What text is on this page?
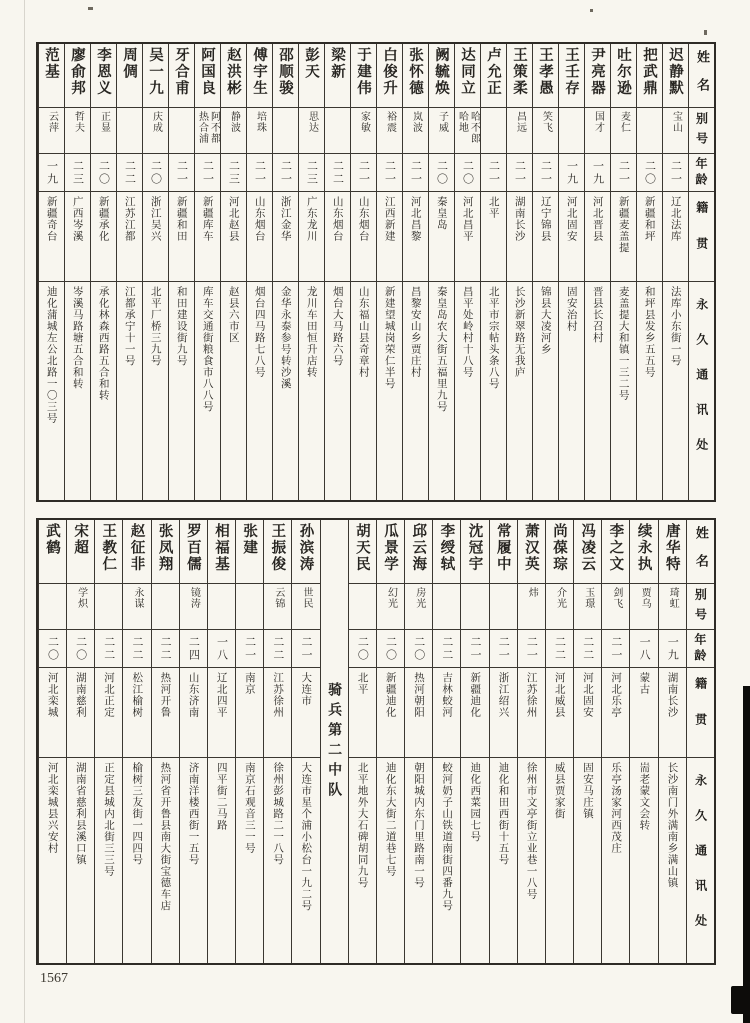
姓名
别号
年龄
籍贯
永久通讯处
迟静默
宝山
二一
辽北法库
法库小东街一号
把武鼎
二〇
新疆和坪
和坪县发乡五五号
吐尔逊
麦仁
二一
新疆麦盖提
麦盖提大和镇一三二号
尹亮器
国才
一九
河北晋县
晋县长召村
王壬存
一九
河北固安
固安治村
王孝愚
笑飞
二一
辽宁锦县
锦县大凌河乡
王策柔
昌远
二一
湖南长沙
长沙新翠路无我庐
卢允正
二一
北平
北平市宗帖头条八号
达同立
哈不郎哈地
二〇
河北昌平
昌平处岭村十八号
阙毓焕
子威
二〇
秦皇岛
秦皇岛农大街五福里九号
张怀德
岚波
二一
河北昌黎
昌黎安山乡贾庄村
白俊升
裕震
二一
江西新建
新建望城岗荣仁半号
于建伟
家敏
二一
山东烟台
山东福山县奇章村
梁新
二二
山东烟台
烟台大马路六号
彭天
思达
二三
广东龙川
龙川车田恒升店转
邵顺骏
二一
浙江金华
金华永泰参号转沙溪
傅宇生
培珠
二一
山东烟台
烟台四马路七八号
赵洪彬
静波
二三
河北赵县
赵县六市区
阿国良
阿不都热合浦
二一
新疆库车
库车交通街粮食市八八号
牙合甫
二一
新疆和田
和田建设街九号
吴一九
庆成
二〇
浙江吴兴
北平厂桥三九号
周倜
二二
江苏江都
江都承宁十一号
李恩义
正显
二〇
新疆承化
承化林森西路五合和转
廖俞邦
哲夫
二三
广西岑溪
岑溪马路塘五合和转
范基
云萍
一九
新疆奇台
迪化蒲城左公北路一〇三号
姓名
别号
年龄
籍贯
永久通讯处
唐华特
琦虹
一九
湖南长沙
长沙南门外满南乡满山镇
续永执
贾乌
一八
蒙古
耑老蒙文会转
李之文
剑飞
二一
河北乐亭
乐亭汤家河西茂庄
冯凌云
玉璟
二二
河北固安
固安马庄镇
尚葆琮
介光
二二
河北威县
威县贾家街
萧汉英
炜
二一
江苏徐州
徐州市文亭街立业巷一八号
常履中
二一
浙江绍兴
迪化和田西街十五号
沈冠宇
二一
新疆迪化
迪化西菜园七号
李绶轼
二二
吉林蛟河
蛟河奶子山铁道南街四番九号
邱云海
房光
二〇
热河朝阳
朝阳城内东门里路南一号
瓜景学
幻光
二〇
新疆迪化
迪化东大街二道巷七号
胡天民
二〇
北平
北平地外大石碑胡同九号
骑兵第二中队
孙滨涛
世民
二一
大连市
大连市星个浦小松台一九二号
王振俊
云锦
二二
江苏徐州
徐州彭城路二一八号
张建
二一
南京
南京石观音三一号
相福基
一八
辽北四平
四平街二马路
罗百儒
镜涛
二四
山东济南
济南洋楼西街一五号
张凤翔
二二
热河开鲁
热河省开鲁县南大街宝德车店
赵征非
永谋
二二
松江榆树
榆树三友街一四四号
王教仁
二二
河北正定
正定县城内北街三三号
宋超
学炽
二〇
湖南慈利
湖南省慈利县溪口镇
武鹤
二〇
河北栾城
河北栾城县兴安村
1567
